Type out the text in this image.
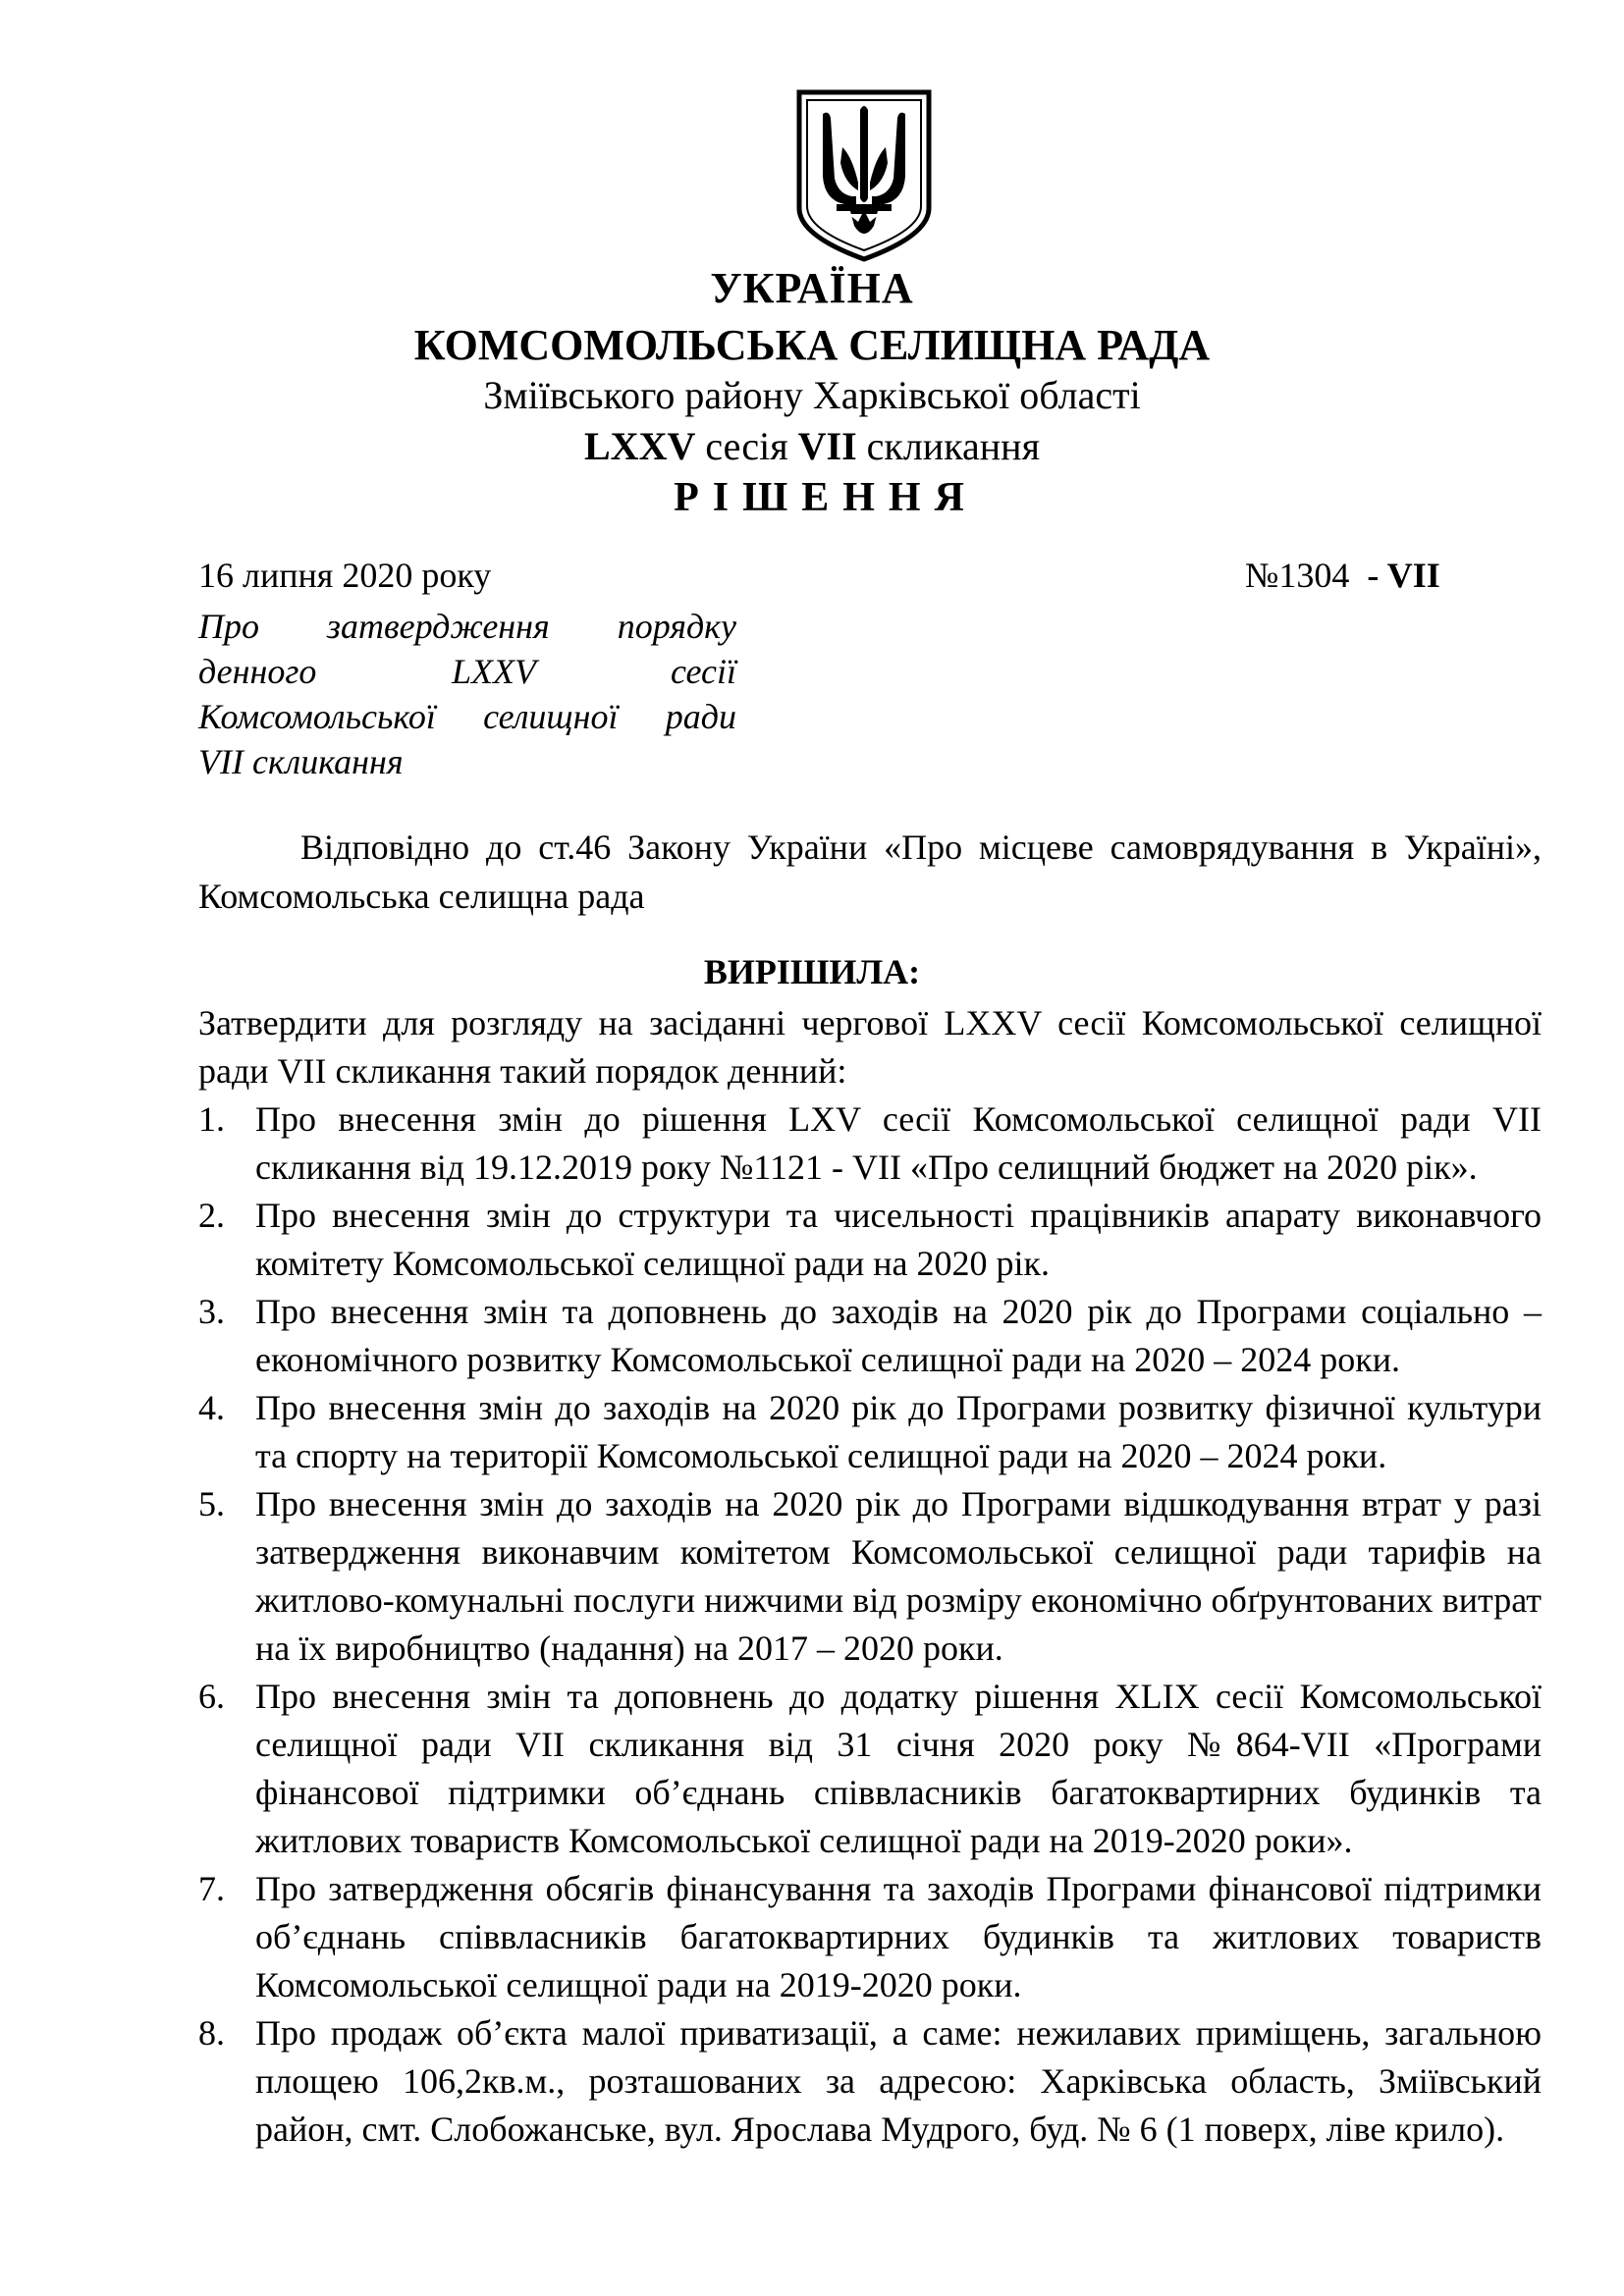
УКРАЇНА
КОМСОМОЛЬСЬКА СЕЛИЩНА РАДА
Зміївського району Харківської області
LXXV сесія VII скликання
РІШЕННЯ
16 липня 2020 року	№1304  - VII
Про затвердження порядку
денного LXXV сесії
Комсомольської селищної ради
VII скликання
Відповідно до ст.46 Закону України «Про місцеве самоврядування в Україні», Комсомольська селищна рада
ВИРІШИЛА:
Затвердити для розгляду на засіданні чергової LXXV сесії Комсомольської селищної ради VII скликання такий порядок денний:
1. Про внесення змін до рішення LXV сесії Комсомольської селищної ради VII скликання від 19.12.2019 року №1121 - VII «Про селищний бюджет на 2020 рік».
2. Про внесення змін до структури та чисельності працівників апарату виконавчого комітету Комсомольської селищної ради на 2020 рік.
3. Про внесення змін та доповнень до заходів на 2020 рік до Програми соціально – економічного розвитку Комсомольської селищної ради на 2020 – 2024 роки.
4. Про внесення змін до заходів на 2020 рік до Програми розвитку фізичної культури та спорту на території Комсомольської селищної ради на 2020 – 2024 роки.
5. Про внесення змін до заходів на 2020 рік до Програми відшкодування втрат у разі затвердження виконавчим комітетом Комсомольської селищної ради тарифів на житлово-комунальні послуги нижчими від розміру економічно обґрунтованих витрат на їх виробництво (надання) на 2017 – 2020 роки.
6. Про внесення змін та доповнень до додатку рішення XLIX сесії Комсомольської селищної ради VII скликання від 31 січня 2020 року №864-VII «Програми фінансової підтримки об’єднань співвласників багатоквартирних будинків та житлових товариств Комсомольської селищної ради на 2019-2020 роки».
7. Про затвердження обсягів фінансування та заходів Програми фінансової підтримки об’єднань співвласників багатоквартирних будинків та житлових товариств Комсомольської селищної ради на 2019-2020 роки.
8. Про продаж об’єкта малої приватизації, а саме: нежилавих приміщень, загальною площею 106,2кв.м., розташованих за адресою: Харківська область, Зміївський район, смт. Слобожанське, вул. Ярослава Мудрого, буд. № 6 (1 поверх, ліве крило).
